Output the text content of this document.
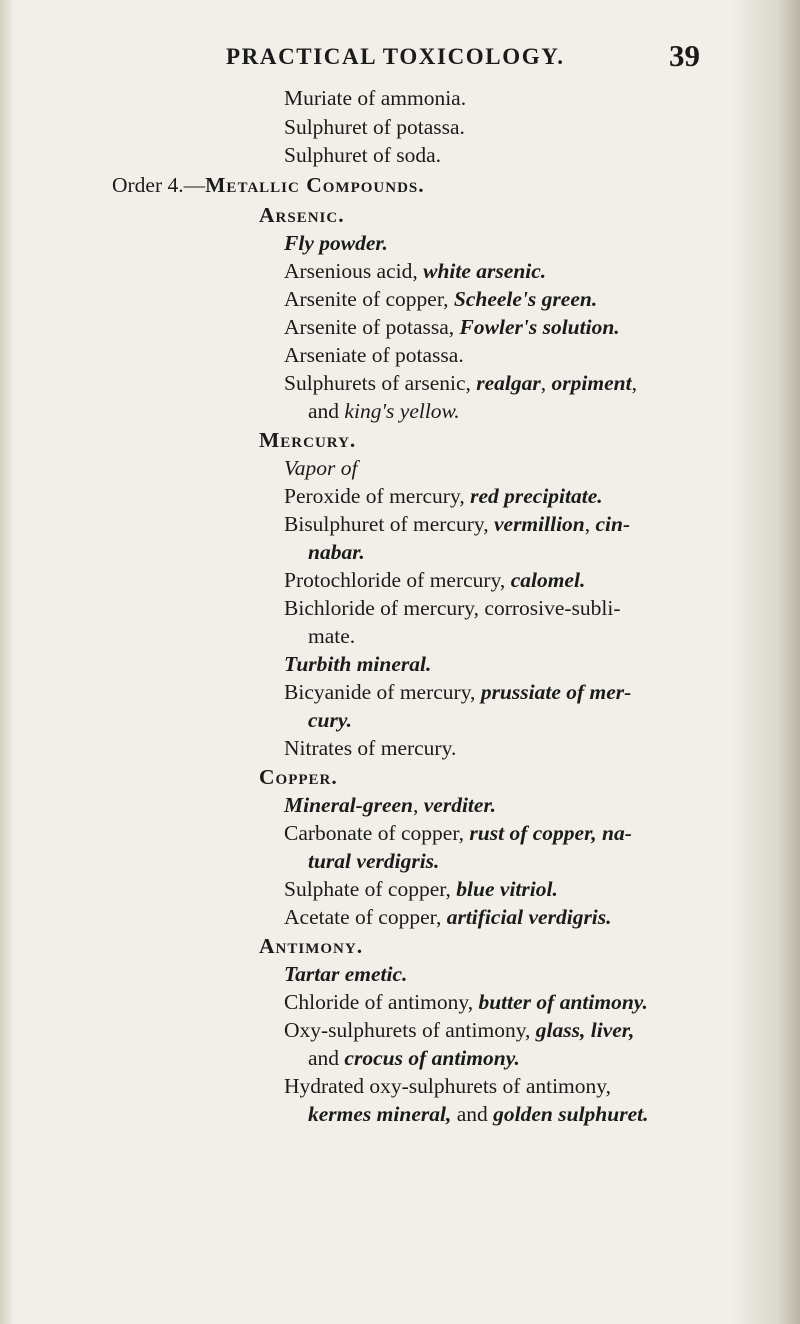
PRACTICAL TOXICOLOGY.	39
Muriate of ammonia.
Sulphuret of potassa.
Sulphuret of soda.
Order 4.—Metallic Compounds.
Arsenic.
Fly powder.
Arsenious acid, white arsenic.
Arsenite of copper, Scheele's green.
Arsenite of potassa, Fowler's solution.
Arseniate of potassa.
Sulphurets of arsenic, realgar, orpiment,
and king's yellow.
Mercury.
Vapor of
Peroxide of mercury, red precipitate.
Bisulphuret of mercury, vermillion, cin-
nabar.
Protochloride of mercury, calomel.
Bichloride of mercury, corrosive-subli-
mate.
Turbith mineral.
Bicyanide of mercury, prussiate of mer-
cury.
Nitrates of mercury.
Copper.
Mineral-green, verditer.
Carbonate of copper, rust of copper, na-
tural verdigris.
Sulphate of copper, blue vitriol.
Acetate of copper, artificial verdigris.
Antimony.
Tartar emetic.
Chloride of antimony, butter of antimony.
Oxy-sulphurets of antimony, glass, liver,
and crocus of antimony.
Hydrated oxy-sulphurets of antimony,
kermes mineral, and golden sulphuret.
